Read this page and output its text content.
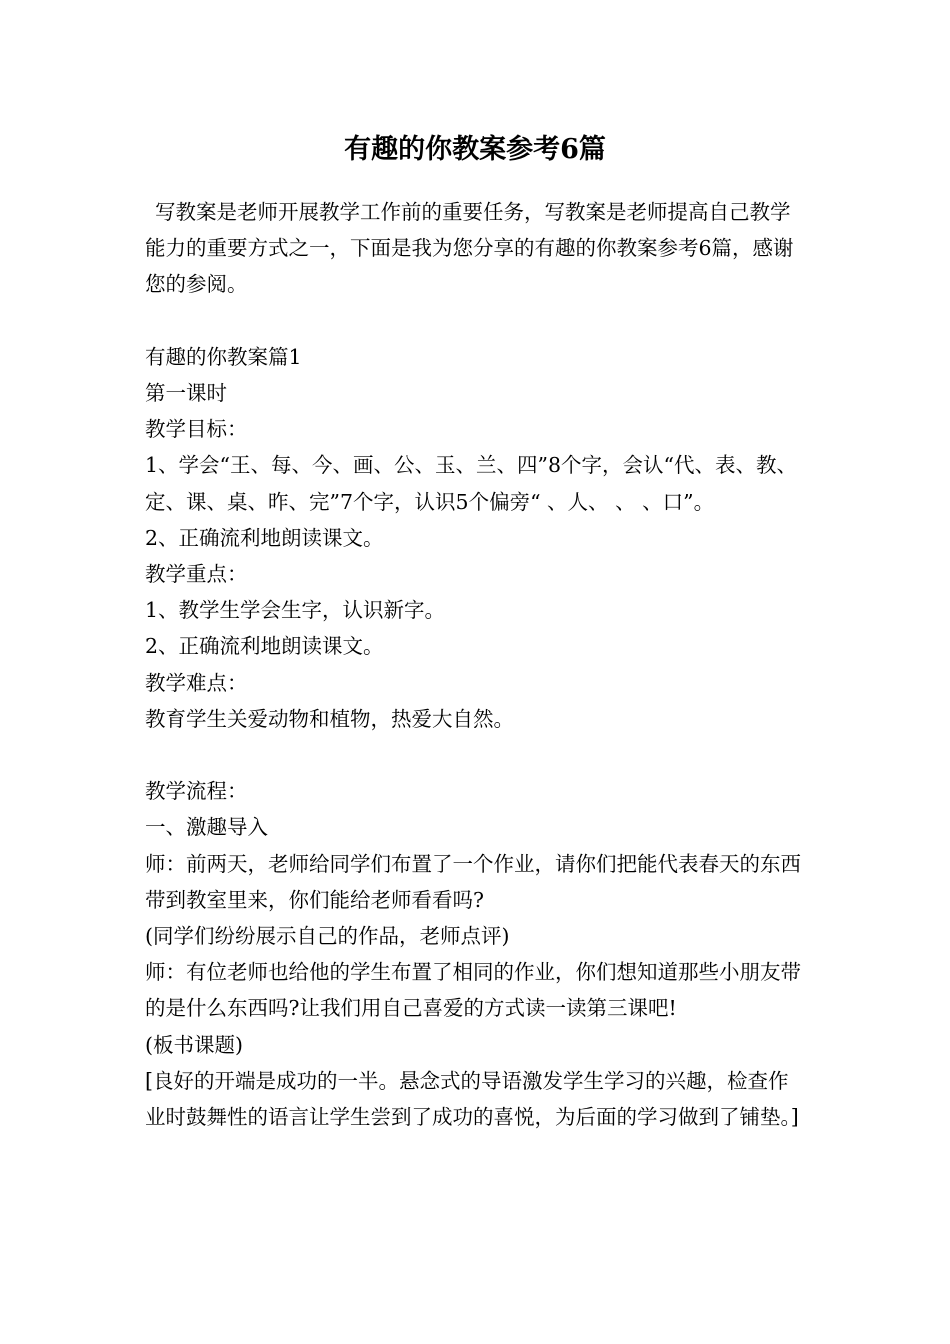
有趣的你教案参考6篇

写教案是老师开展教学工作前的重要任务，写教案是老师提高自己教学能力的重要方式之一，下面是我为您分享的有趣的你教案参考6篇，感谢您的参阅。

有趣的你教案篇1

第一课时

教学目标：

1、学会“王、每、今、画、公、玉、兰、四”8个字，会认“代、表、教、定、课、桌、昨、完”7个字，认识5个偏旁“ 、人、 、 、口”。

2、正确流利地朗读课文。

教学重点：

1、教学生学会生字，认识新字。

2、正确流利地朗读课文。

教学难点：

教育学生关爱动物和植物，热爱大自然。

教学流程：

一、激趣导入

师：前两天，老师给同学们布置了一个作业，请你们把能代表春天的东西带到教室里来，你们能给老师看看吗?

(同学们纷纷展示自己的作品，老师点评)

师：有位老师也给他的学生布置了相同的作业，你们想知道那些小朋友带的是什么东西吗?让我们用自己喜爱的方式读一读第三课吧!

(板书课题)

[良好的开端是成功的一半。悬念式的导语激发学生学习的兴趣，检查作业时鼓舞性的语言让学生尝到了成功的喜悦，为后面的学习做到了铺垫。]
